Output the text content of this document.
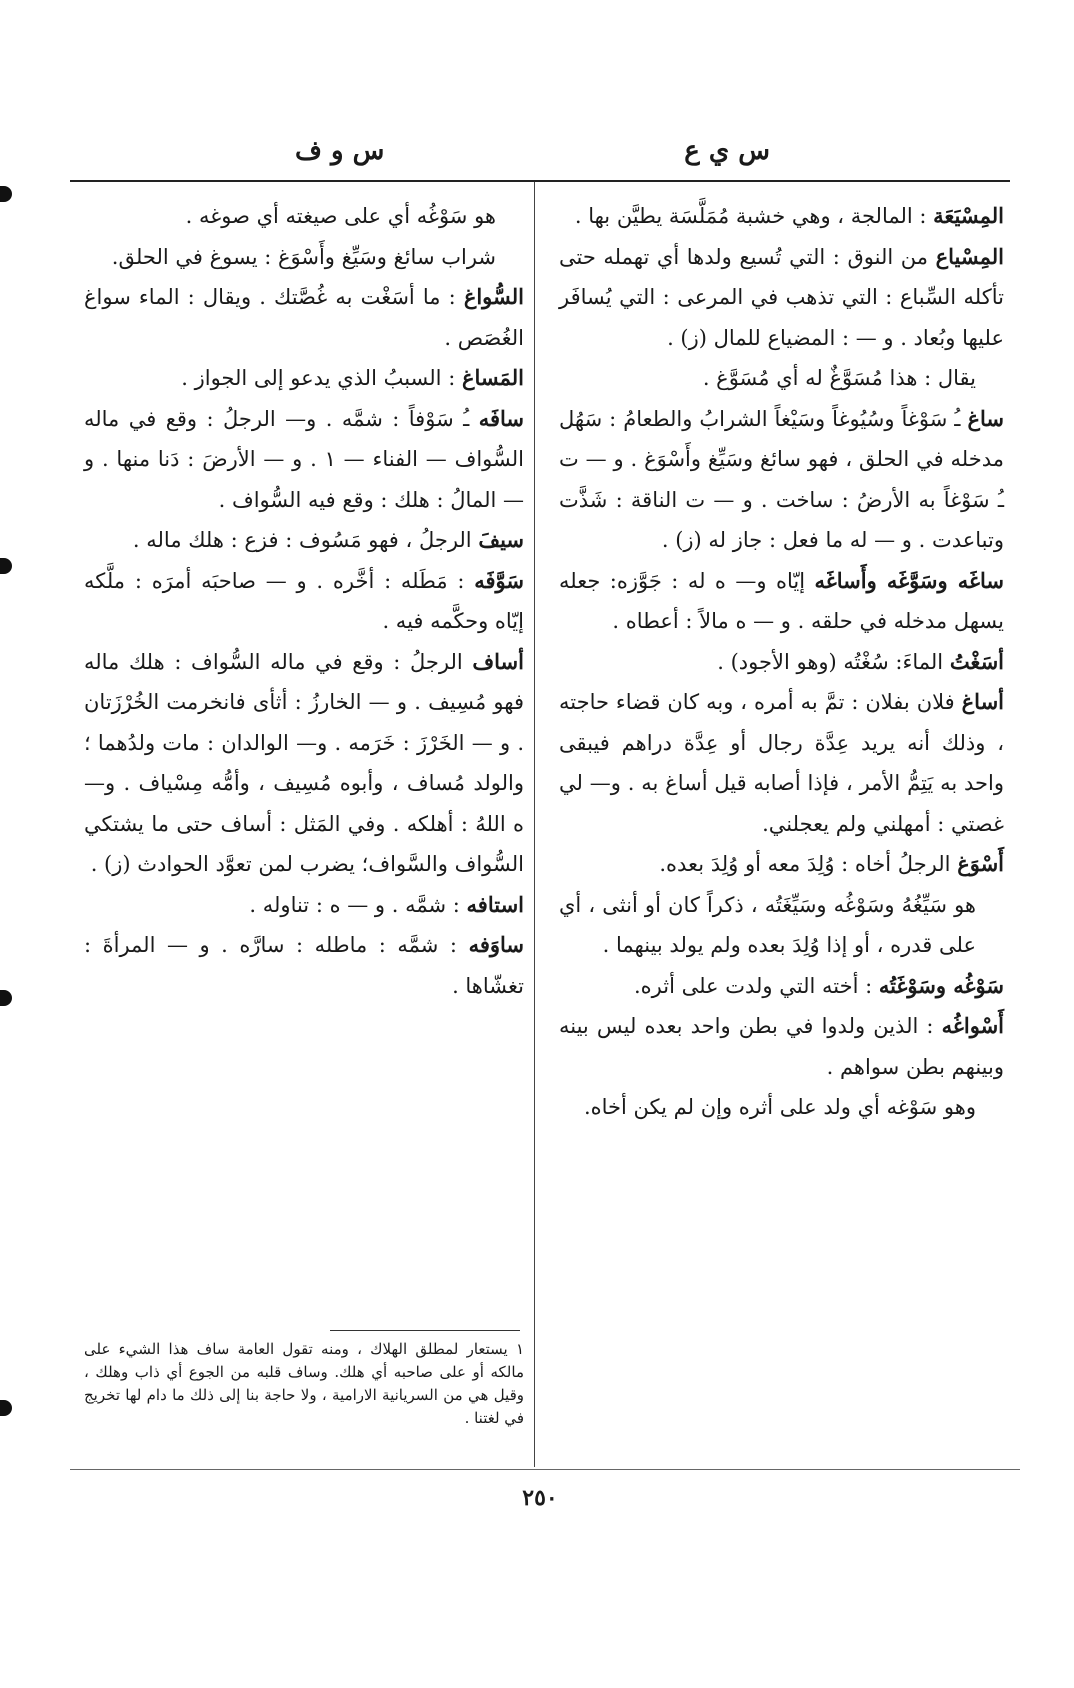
س ي ع
س و ف

المِسْيَعَة : المالجة ، وهي خشبة مُمَلَّسَة يطيَّن بها .

المِسْياع من النوق : التي تُسيع ولدها أي تهمله حتى تأكله السِّباع : التي تذهب في المرعى : التي يُسافَر عليها وبُعاد . و — : المضياع للمال (ز) .

يقال : هذا مُسَوَّغٌ له أي مُسَوَّغ .

ساغ ـُ سَوْغاً وسُيُوغاً وسَيْغاً الشرابُ والطعامُ : سَهُل مدخله في الحلق ، فهو سائغ وسَيِّغ وأَسْوَغ . و — ت ـُ سَوْغاً به الأرضُ : ساخت . و — ت الناقة : شَذَّت وتباعدت . و — له ما فعل : جاز له (ز) .

ساغَه وسَوَّغَه وأَساغَه إيّاه و— ه له : جَوَّزه: جعله يسهل مدخله في حلقه . و — ه مالاً : أعطاه .

أسَغْتُ الماءَ: سُغْتُه (وهو الأجود) .

أساغ فلان بفلان : تمَّ به أمره ، وبه كان قضاء حاجته ، وذلك أنه يريد عِدَّة رجال أو عِدَّة دراهم فيبقى واحد به يَتِمُّ الأمر ، فإذا أصابه قيل أساغ به . و— لي غصتي : أمهلني ولم يعجلني.

أَسْوَغ الرجلُ أخاه : وُلِدَ معه أو وُلِدَ بعده.

هو سَيِّغُهُ وسَوْغُه وسَيِّغَتُه ، ذكراً كان أو أنثى ، أي على قدره ، أو إذا وُلِدَ بعده ولم يولد بينهما .

سَوْغُه وسَوْغَتُه : أخته التي ولدت على أثره.

أَسْواغُه : الذين ولدوا في بطن واحد بعده ليس بينه وبينهم بطن سواهم .

وهو سَوْغه أي ولد على أثره وإن لم يكن أخاه.

هو سَوْغُه أي على صيغته أي صوغه .

شراب سائغ وسَيِّغ وأَسْوَغ : يسوغ في الحلق.

السُّواغ : ما أسَغْت به غُصَّتك . ويقال : الماء سواغ الغُصَص .

المَساغ : السببُ الذي يدعو إلى الجواز .

سافَه ـُ سَوْفاً : شمَّه . و— الرجلُ : وقع في ماله السُّواف — الفناء — ١ . و — الأرضَ : دَنا منها . و — المالُ : هلك : وقع فيه السُّواف .

سيفَ الرجلُ ، فهو مَسُوف : فزع : هلك ماله .

سَوَّفَه : مَطَله : أخَّره . و — صاحبَه أمرَه : ملَّكه إيّاه وحكَّمه فيه .

أساف الرجلُ : وقع في ماله السُّواف : هلك ماله فهو مُسِيف . و — الخارزُ : أثأى فانخرمت الخُرْزَتان . و — الخَرْزَ : خَرَمه . و— الوالدان : مات ولدُهما ؛ والولد مُساف ، وأبوه مُسِيف ، وأمُّه مِسْياف . و— ه اللهُ : أهلكه . وفي المَثل : أساف حتى ما يشتكي السُّواف والسَّواف؛ يضرب لمن تعوَّد الحوادث (ز) .

استافه : شمَّه . و — ه : تناوله .

ساوَفه : شمَّه : ماطله : سارَّه . و — المرأةَ : تغشّاها .

١ يستعار لمطلق الهلاك ، ومنه تقول العامة ساف هذا الشيء على مالكه أو على صاحبه أي هلك. وساف قلبه من الجوع أي ذاب وهلك ، وقيل هي من السريانية الارامية ، ولا حاجة بنا إلى ذلك ما دام لها تخريج في لغتنا .
٢٥٠
